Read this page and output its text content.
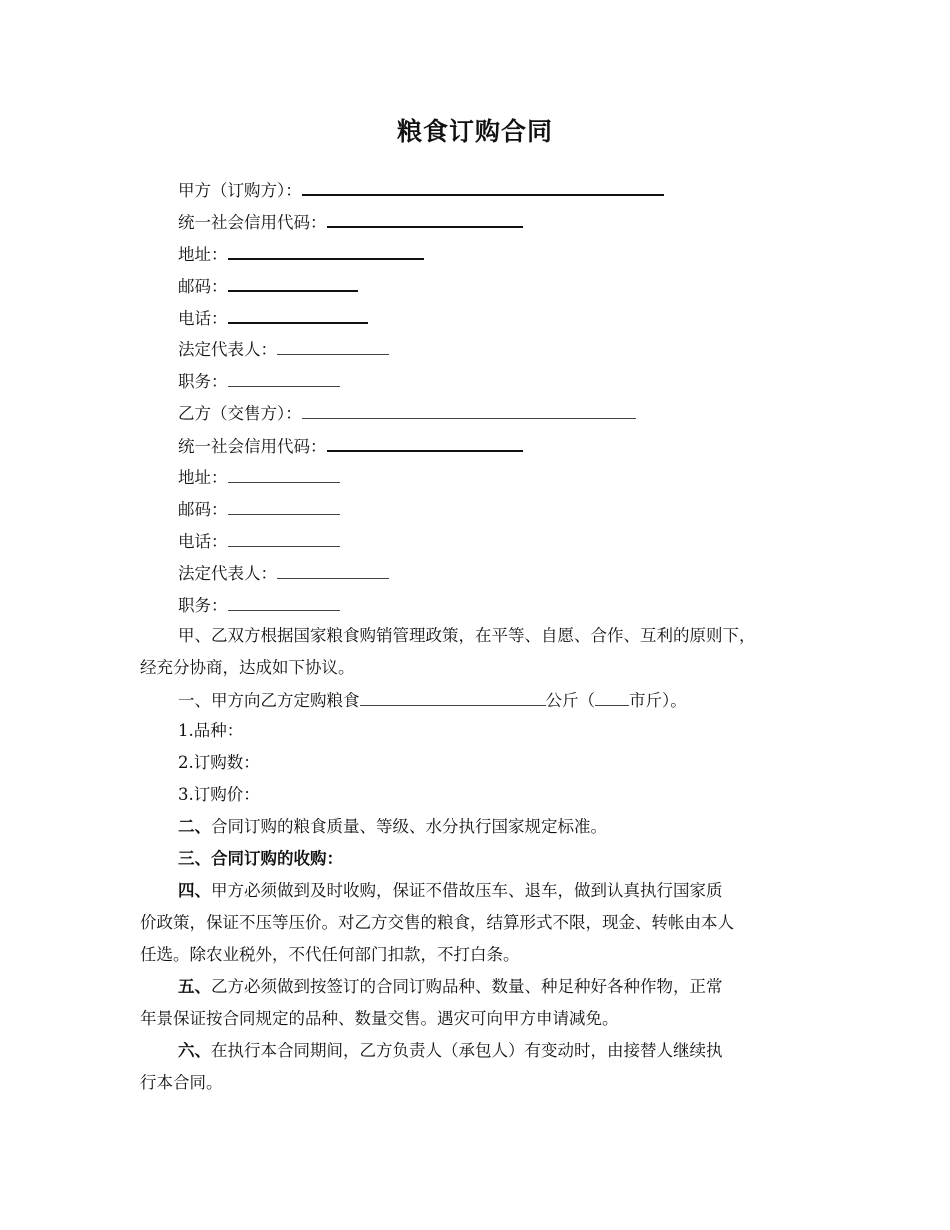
粮食订购合同
甲方（订购方）：
统一社会信用代码：
地址：
邮码：
电话：
法定代表人：
职务：
乙方（交售方）：
统一社会信用代码：
地址：
邮码：
电话：
法定代表人：
职务：
甲、乙双方根据国家粮食购销管理政策，在平等、自愿、合作、互利的原则下，
经充分协商，达成如下协议。
一、甲方向乙方定购粮食	公斤（ 市斤）。
1.品种：
2.订购数：
3.订购价：
二、合同订购的粮食质量、等级、水分执行国家规定标准。
三、合同订购的收购：
四、甲方必须做到及时收购，保证不借故压车、退车，做到认真执行国家质
价政策，保证不压等压价。对乙方交售的粮食，结算形式不限，现金、转帐由本人
任选。除农业税外，不代任何部门扣款，不打白条。
五、乙方必须做到按签订的合同订购品种、数量、种足种好各种作物，正常
年景保证按合同规定的品种、数量交售。遇灾可向甲方申请减免。
六、在执行本合同期间，乙方负责人（承包人）有变动时，由接替人继续执
行本合同。
